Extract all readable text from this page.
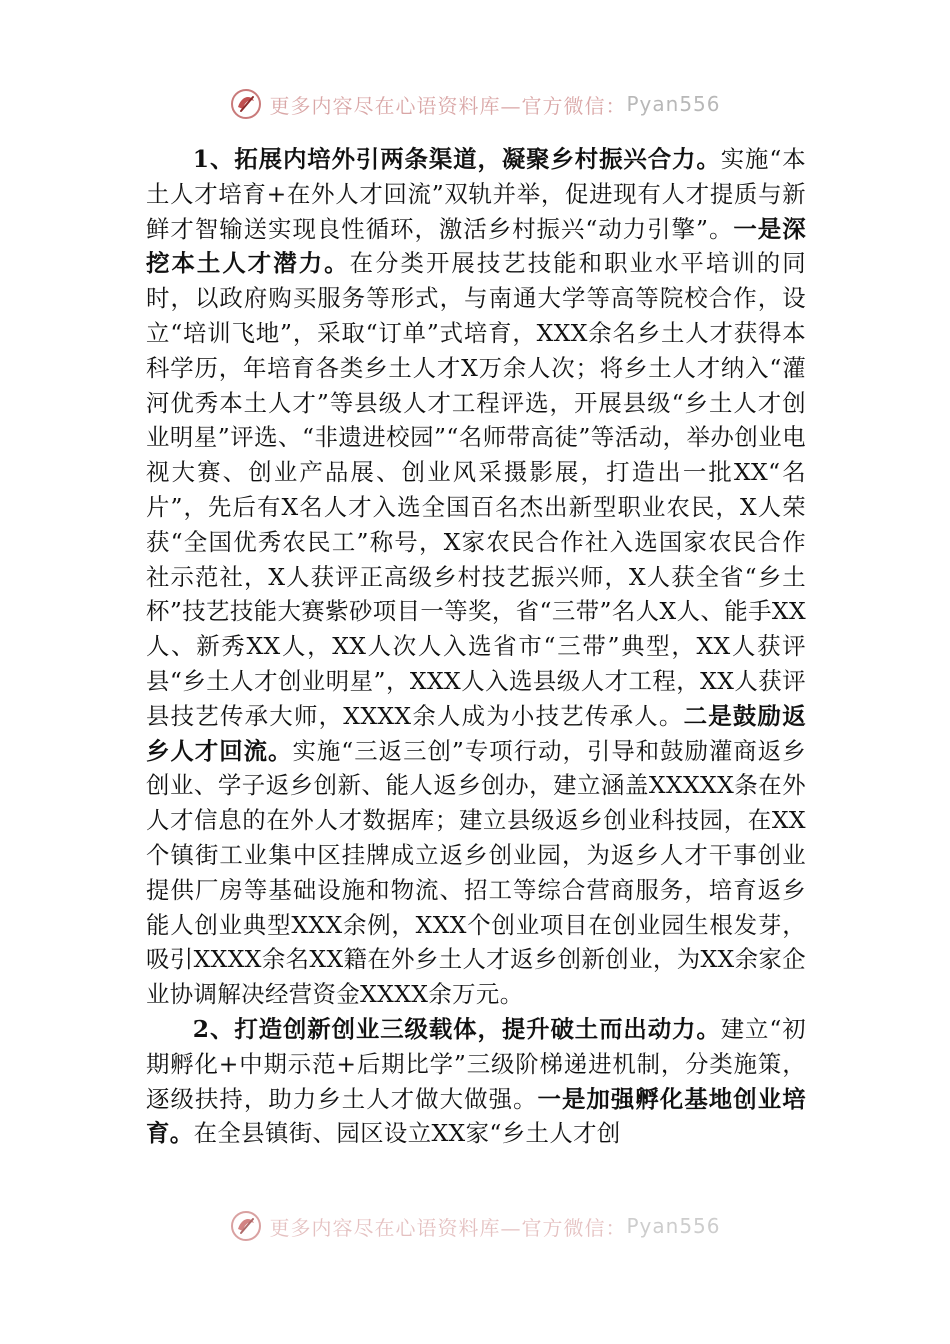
更多内容尽在心语资料库—官方微信： Pyan556

1、拓展内培外引两条渠道，凝聚乡村振兴合力。实施“本土人才培育+在外人才回流”双轨并举，促进现有人才提质与新鲜才智输送实现良性循环，激活乡村振兴“动力引擎”。一是深挖本土人才潜力。在分类开展技艺技能和职业水平培训的同时，以政府购买服务等形式，与南通大学等高等院校合作，设立“培训飞地”，采取“订单”式培育，XXX余名乡土人才获得本科学历，年培育各类乡土人才X万余人次；将乡土人才纳入“灌河优秀本土人才”等县级人才工程评选，开展县级“乡土人才创业明星”评选、“非遗进校园”“名师带高徒”等活动，举办创业电视大赛、创业产品展、创业风采摄影展，打造出一批XX“名片”，先后有X名人才入选全国百名杰出新型职业农民，X人荣获“全国优秀农民工”称号，X家农民合作社入选国家农民合作社示范社，X人获评正高级乡村技艺振兴师，X人获全省“乡土杯”技艺技能大赛紫砂项目一等奖，省“三带”名人X人、能手XX人、新秀XX人，XX人次人入选省市“三带”典型，XX人获评县“乡土人才创业明星”，XXX人入选县级人才工程，XX人获评县技艺传承大师，XXXX余人成为小技艺传承人。二是鼓励返乡人才回流。实施“三返三创”专项行动，引导和鼓励灌商返乡创业、学子返乡创新、能人返乡创办，建立涵盖XXXXX条在外人才信息的在外人才数据库；建立县级返乡创业科技园，在XX个镇街工业集中区挂牌成立返乡创业园，为返乡人才干事创业提供厂房等基础设施和物流、招工等综合营商服务，培育返乡能人创业典型XXX余例，XXX个创业项目在创业园生根发芽，吸引XXXX余名XX籍在外乡土人才返乡创新创业，为XX余家企业协调解决经营资金XXXX余万元。

2、打造创新创业三级载体，提升破土而出动力。建立“初期孵化+中期示范+后期比学”三级阶梯递进机制，分类施策，逐级扶持，助力乡土人才做大做强。一是加强孵化基地创业培育。在全县镇街、园区设立XX家“乡土人才创

更多内容尽在心语资料库—官方微信： Pyan556
